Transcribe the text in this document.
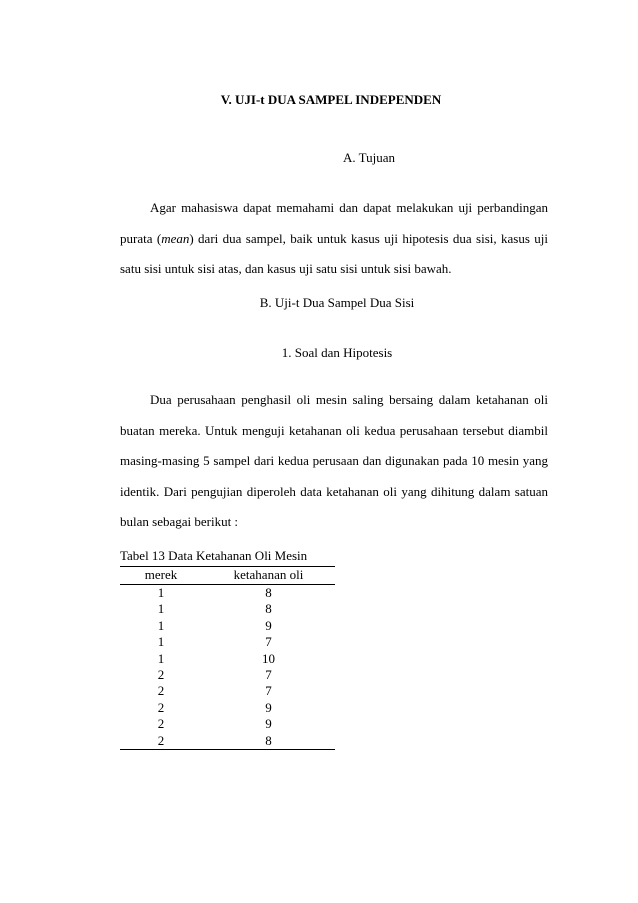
V. UJI-t DUA SAMPEL INDEPENDEN
A. Tujuan
Agar mahasiswa dapat memahami dan dapat melakukan uji perbandingan
purata (mean) dari dua sampel, baik untuk kasus uji hipotesis dua sisi, kasus uji
satu sisi untuk sisi atas, dan kasus uji satu sisi untuk sisi bawah.
B. Uji-t Dua Sampel Dua Sisi
1. Soal dan Hipotesis
Dua perusahaan penghasil oli mesin saling bersaing dalam ketahanan oli
buatan mereka. Untuk menguji ketahanan oli kedua perusahaan tersebut diambil
masing-masing 5 sampel dari kedua perusaan dan digunakan pada 10 mesin yang
identik. Dari pengujian diperoleh data ketahanan oli yang dihitung dalam satuan
bulan sebagai berikut :
Tabel 13 Data Ketahanan Oli Mesin
merek	ketahanan oli
1	8
1	8
1	9
1	7
1	10
2	7
2	7
2	9
2	9
2	8
